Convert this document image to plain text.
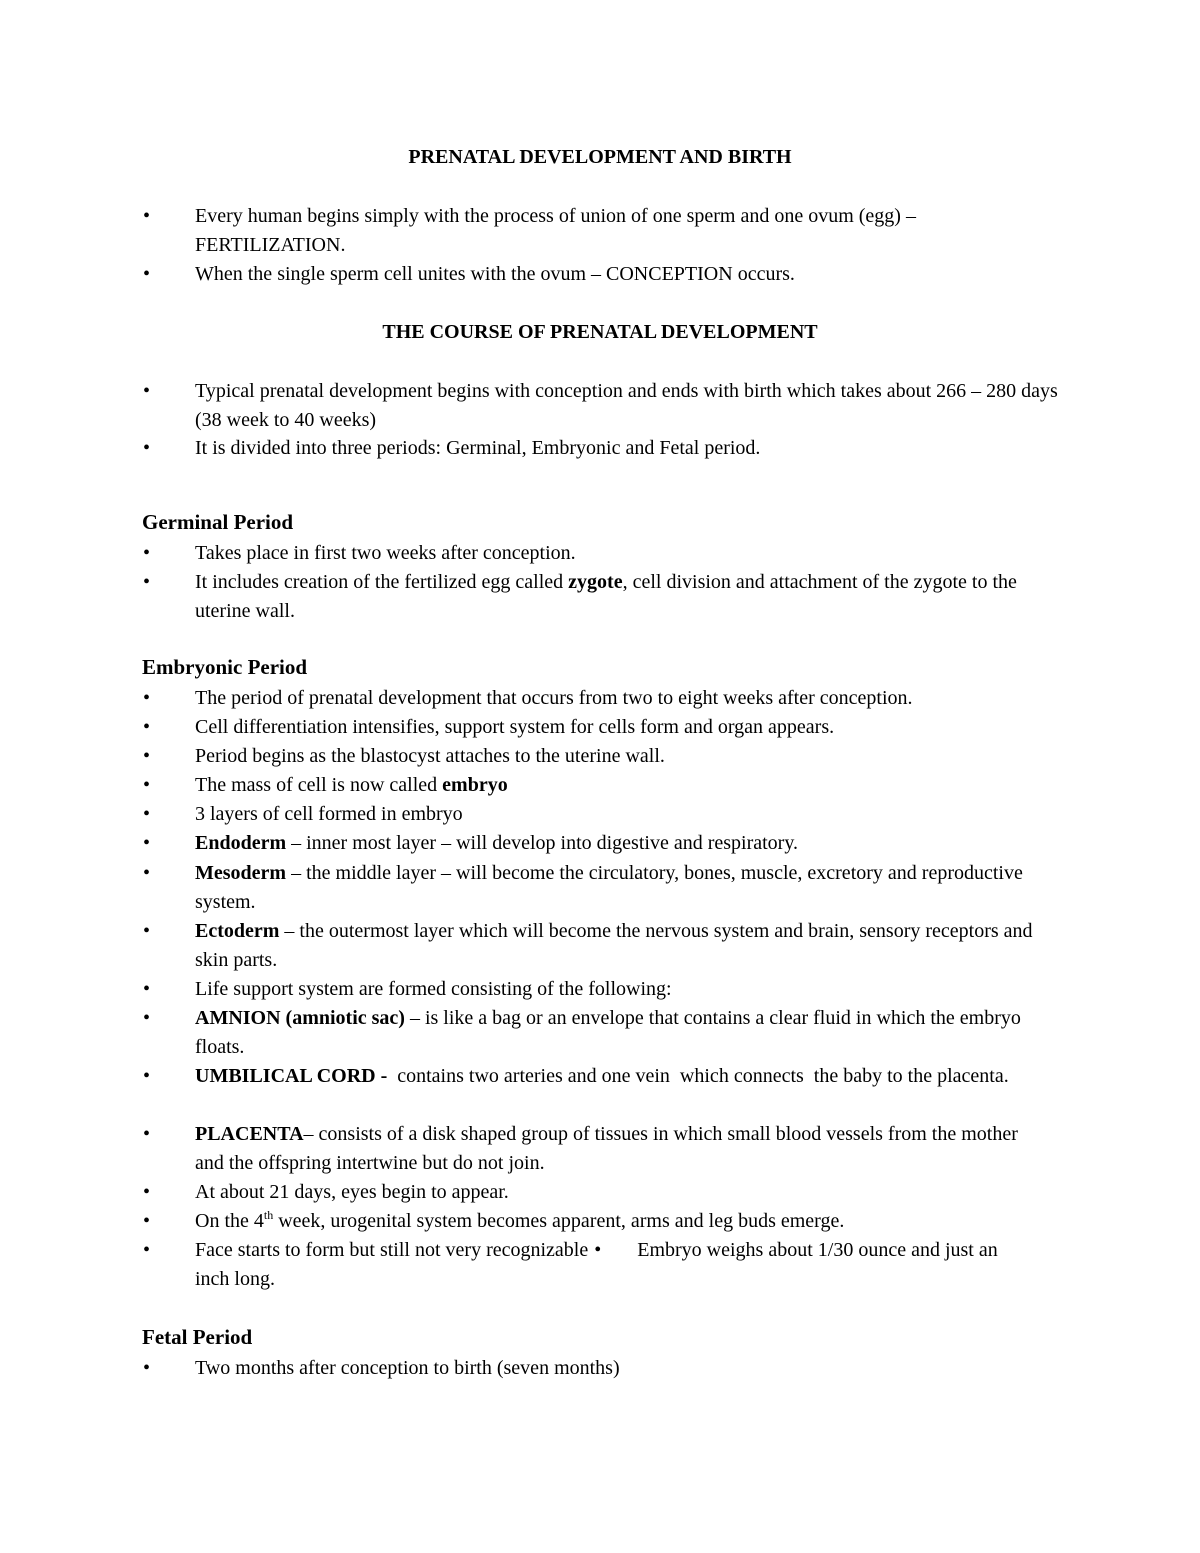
PRENATAL DEVELOPMENT AND BIRTH
• Every human begins simply with the process of union of one sperm and one ovum (egg) – FERTILIZATION.
• When the single sperm cell unites with the ovum – CONCEPTION occurs.
THE COURSE OF PRENATAL DEVELOPMENT
• Typical prenatal development begins with conception and ends with birth which takes about 266 – 280 days (38 week to 40 weeks)
• It is divided into three periods: Germinal, Embryonic and Fetal period.
Germinal Period
• Takes place in first two weeks after conception.
• It includes creation of the fertilized egg called zygote, cell division and attachment of the zygote to the uterine wall.
Embryonic Period
• The period of prenatal development that occurs from two to eight weeks after conception.
• Cell differentiation intensifies, support system for cells form and organ appears.
• Period begins as the blastocyst attaches to the uterine wall.
• The mass of cell is now called embryo
• 3 layers of cell formed in embryo
• Endoderm – inner most layer – will develop into digestive and respiratory.
• Mesoderm – the middle layer – will become the circulatory, bones, muscle, excretory and reproductive system.
• Ectoderm – the outermost layer which will become the nervous system and brain, sensory receptors and skin parts.
• Life support system are formed consisting of the following:
• AMNION (amniotic sac) – is like a bag or an envelope that contains a clear fluid in which the embryo floats.
• UMBILICAL CORD -  contains two arteries and one vein  which connects  the baby to the placenta.
• PLACENTA– consists of a disk shaped group of tissues in which small blood vessels from the mother and the offspring intertwine but do not join.
• At about 21 days, eyes begin to appear.
• On the 4th week, urogenital system becomes apparent, arms and leg buds emerge.
• Face starts to form but still not very recognizable • Embryo weighs about 1/30 ounce and just an inch long.
Fetal Period
• Two months after conception to birth (seven months)
